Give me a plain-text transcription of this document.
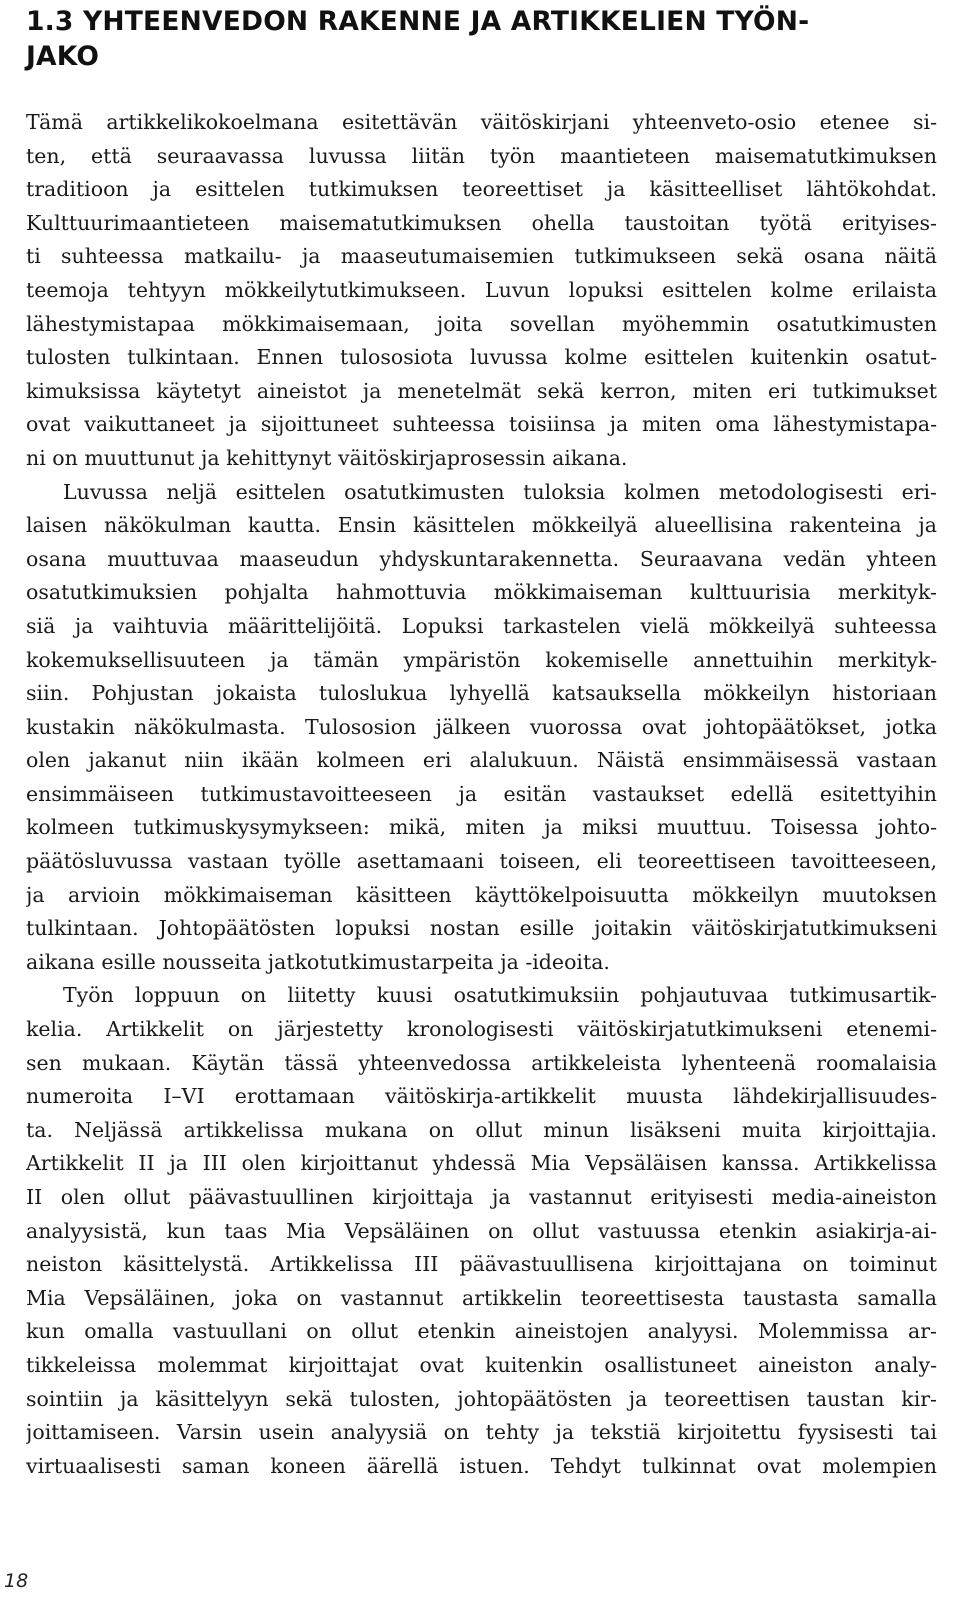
1.3 YHTEENVEDON RAKENNE JA ARTIKKELIEN TYÖN-
JAKO
Tämä artikkelikokoelmana esitettävän väitöskirjani yhteenveto-osio etenee si-
ten, että seuraavassa luvussa liitän työn maantieteen maisematutkimuksen
traditioon ja esittelen tutkimuksen teoreettiset ja käsitteelliset lähtökohdat.
Kulttuurimaantieteen maisematutkimuksen ohella taustoitan työtä erityises-
ti suhteessa matkailu- ja maaseutumaisemien tutkimukseen sekä osana näitä
teemoja tehtyyn mökkeilytutkimukseen. Luvun lopuksi esittelen kolme erilaista
lähestymistapaa mökkimaisemaan, joita sovellan myöhemmin osatutkimusten
tulosten tulkintaan. Ennen tulososiota luvussa kolme esittelen kuitenkin osatut-
kimuksissa käytetyt aineistot ja menetelmät sekä kerron, miten eri tutkimukset
ovat vaikuttaneet ja sijoittuneet suhteessa toisiinsa ja miten oma lähestymistapa-
ni on muuttunut ja kehittynyt väitöskirjaprosessin aikana.
Luvussa neljä esittelen osatutkimusten tuloksia kolmen metodologisesti eri-
laisen näkökulman kautta. Ensin käsittelen mökkeilyä alueellisina rakenteina ja
osana muuttuvaa maaseudun yhdyskuntarakennetta. Seuraavana vedän yhteen
osatutkimuksien pohjalta hahmottuvia mökkimaiseman kulttuurisia merkityk-
siä ja vaihtuvia määrittelijöitä. Lopuksi tarkastelen vielä mökkeilyä suhteessa
kokemuksellisuuteen ja tämän ympäristön kokemiselle annettuihin merkityk-
siin. Pohjustan jokaista tuloslukua lyhyellä katsauksella mökkeilyn historiaan
kustakin näkökulmasta. Tulososion jälkeen vuorossa ovat johtopäätökset, jotka
olen jakanut niin ikään kolmeen eri alalukuun. Näistä ensimmäisessä vastaan
ensimmäiseen tutkimustavoitteeseen ja esitän vastaukset edellä esitettyihin
kolmeen tutkimuskysymykseen: mikä, miten ja miksi muuttuu. Toisessa johto-
päätösluvussa vastaan työlle asettamaani toiseen, eli teoreettiseen tavoitteeseen,
ja arvioin mökkimaiseman käsitteen käyttökelpoisuutta mökkeilyn muutoksen
tulkintaan. Johtopäätösten lopuksi nostan esille joitakin väitöskirjatutkimukseni
aikana esille nousseita jatkotutkimustarpeita ja -ideoita.
Työn loppuun on liitetty kuusi osatutkimuksiin pohjautuvaa tutkimusartik-
kelia. Artikkelit on järjestetty kronologisesti väitöskirjatutkimukseni etenemi-
sen mukaan. Käytän tässä yhteenvedossa artikkeleista lyhenteenä roomalaisia
numeroita I–VI erottamaan väitöskirja-artikkelit muusta lähdekirjallisuudes-
ta. Neljässä artikkelissa mukana on ollut minun lisäkseni muita kirjoittajia.
Artikkelit II ja III olen kirjoittanut yhdessä Mia Vepsäläisen kanssa. Artikkelissa
II olen ollut päävastuullinen kirjoittaja ja vastannut erityisesti media-aineiston
analyysistä, kun taas Mia Vepsäläinen on ollut vastuussa etenkin asiakirja-ai-
neiston käsittelystä. Artikkelissa III päävastuullisena kirjoittajana on toiminut
Mia Vepsäläinen, joka on vastannut artikkelin teoreettisesta taustasta samalla
kun omalla vastuullani on ollut etenkin aineistojen analyysi. Molemmissa ar-
tikkeleissa molemmat kirjoittajat ovat kuitenkin osallistuneet aineiston analy-
sointiin ja käsittelyyn sekä tulosten, johtopäätösten ja teoreettisen taustan kir-
joittamiseen. Varsin usein analyysiä on tehty ja tekstiä kirjoitettu fyysisesti tai
virtuaalisesti saman koneen äärellä istuen. Tehdyt tulkinnat ovat molempien
18
